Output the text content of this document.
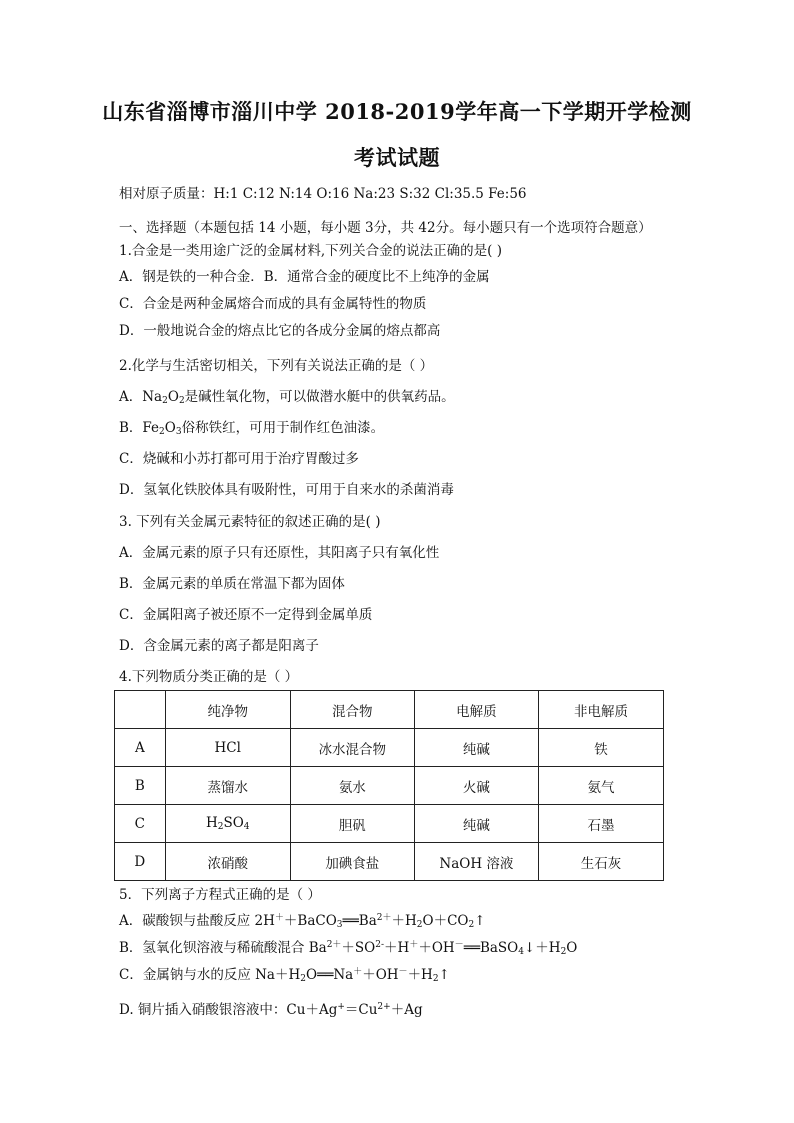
山东省淄博市淄川中学 2018-2019学年高一下学期开学检测
考试试题
相对原子质量：H:1 C:12 N:14 O:16 Na:23 S:32 Cl:35.5 Fe:56
一、选择题（本题包括 14 小题，每小题 3分，共 42分。每小题只有一个选项符合题意）
1.合金是一类用途广泛的金属材料,下列关合金的说法正确的是( )
A．钢是铁的一种合金．B．通常合金的硬度比不上纯净的金属
C．合金是两种金属熔合而成的具有金属特性的物质
D．一般地说合金的熔点比它的各成分金属的熔点都高
2.化学与生活密切相关，下列有关说法正确的是（ ）
A．$Na_2O_2$是碱性氧化物，可以做潜水艇中的供氧药品。
B．$Fe_2O_3$俗称铁红，可用于制作红色油漆。
C．烧碱和小苏打都可用于治疗胃酸过多
D．氢氧化铁胶体具有吸附性，可用于自来水的杀菌消毒
3. 下列有关金属元素特征的叙述正确的是( )
A．金属元素的原子只有还原性，其阳离子只有氧化性
B．金属元素的单质在常温下都为固体
C．金属阳离子被还原不一定得到金属单质
D．含金属元素的离子都是阳离子
4.下列物质分类正确的是（ ）
	纯净物	混合物	电解质	非电解质
A	HCl	冰水混合物	纯碱	铁
B	蒸馏水	氨水	火碱	氨气
C	$H_2SO_4$	胆矾	纯碱	石墨
D	浓硝酸	加碘食盐	NaOH 溶液	生石灰
5．下列离子方程式正确的是（ ）
A．碳酸钡与盐酸反应 $2H^++BaCO_3══Ba^{2+}+H_2O+CO_2↑$
B．氢氧化钡溶液与稀硫酸混合 $Ba^{2+}+SO^{2-}+H^++OH^-══BaSO_4↓+H_2O$
C．金属钠与水的反应 $Na+H_2O══Na^++OH^-+H_2↑$
D. 铜片插入硝酸银溶液中：$Cu+Ag^+=Cu^{2+}+Ag$
